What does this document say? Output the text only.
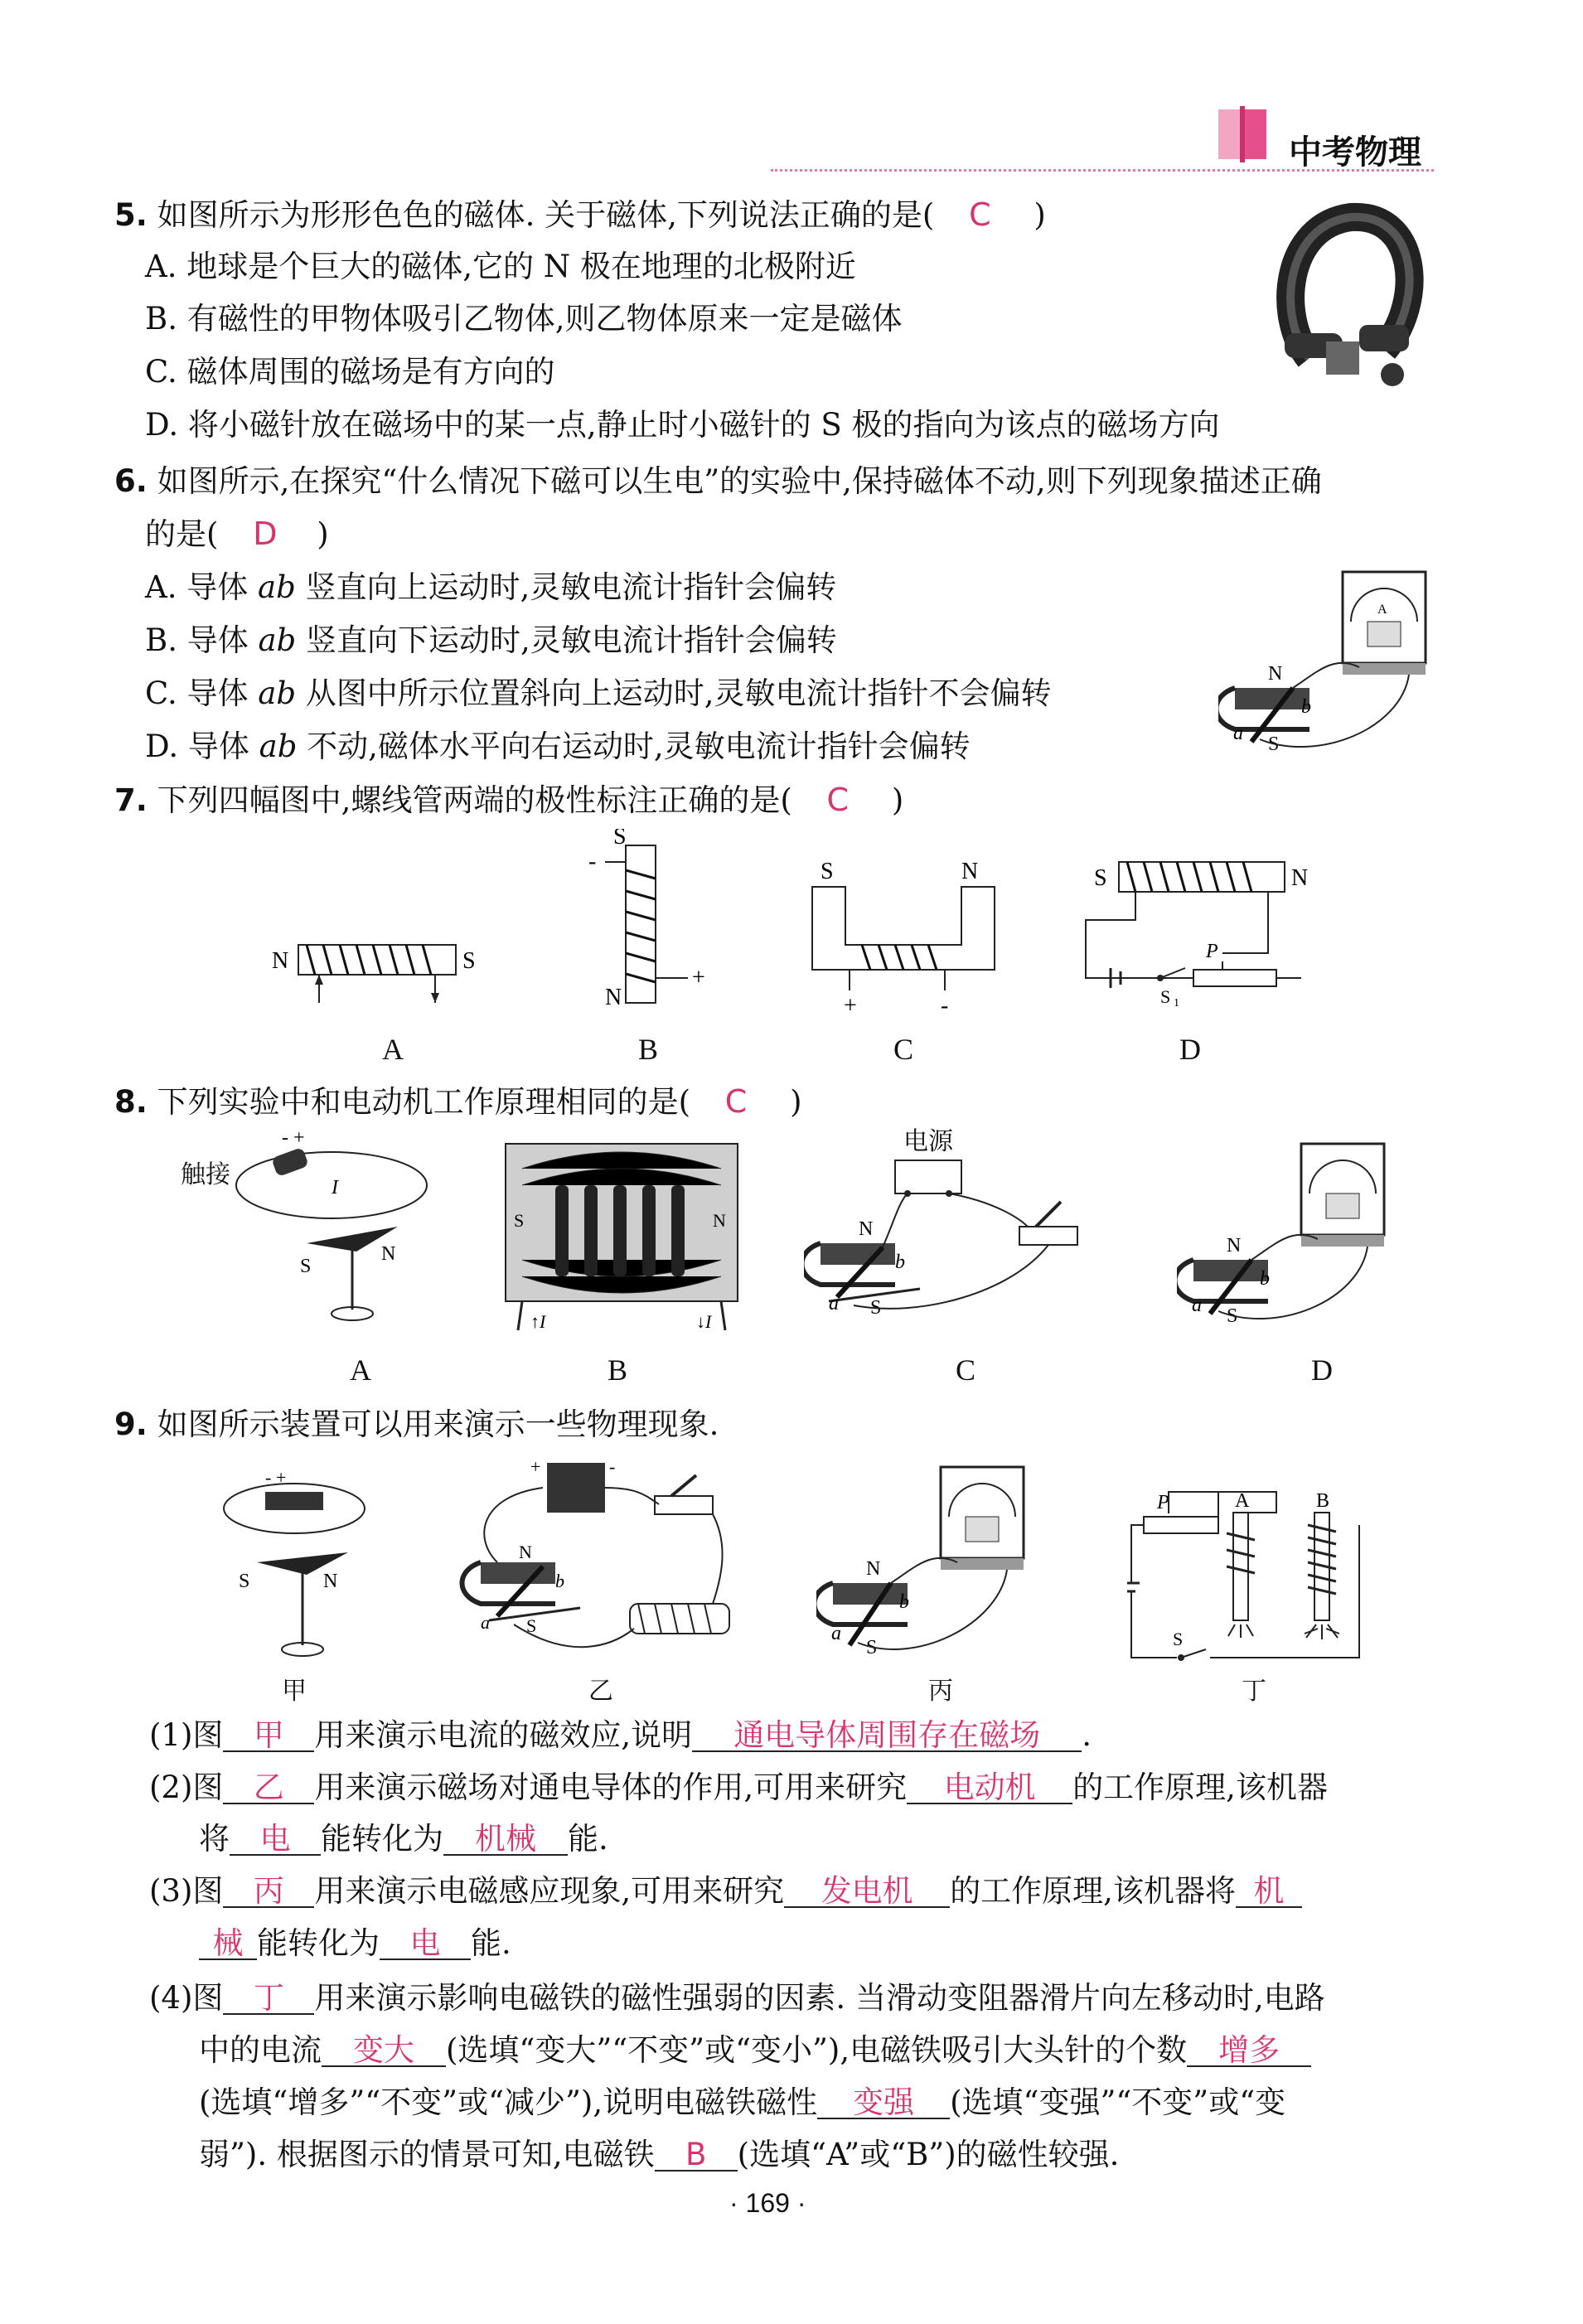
中考物理
5. 如图所示为形形色色的磁体. 关于磁体,下列说法正确的是( C )
A. 地球是个巨大的磁体,它的 N 极在地理的北极附近
B. 有磁性的甲物体吸引乙物体,则乙物体原来一定是磁体
C. 磁体周围的磁场是有方向的
D. 将小磁针放在磁场中的某一点,静止时小磁针的 S 极的指向为该点的磁场方向
6. 如图所示,在探究“什么情况下磁可以生电”的实验中,保持磁体不动,则下列现象描述正确
的是( D )
A. 导体 ab 竖直向上运动时,灵敏电流计指针会偏转
B. 导体 ab 竖直向下运动时,灵敏电流计指针会偏转
C. 导体 ab 从图中所示位置斜向上运动时,灵敏电流计指针不会偏转
D. 导体 ab 不动,磁体水平向右运动时,灵敏电流计指针会偏转
A
N
S
a
b
7. 下列四幅图中,螺线管两端的极性标注正确的是( C )
N	S
-
+
S
N	+	-
S	N	S	N
S 1
P
A	B	C	D
8. 下列实验中和电动机工作原理相同的是( C )
触接
- +
I
S
N
S	N
↑I	↓I
电源
N
S
a
b
N
S
a
b
A	B	C	D
9. 如图所示装置可以用来演示一些物理现象.
- +
S	N
+	-
N
S
a
b
N
S
a
b
P
S
A	B
甲	乙	丙	丁
(1)图 甲 用来演示电流的磁效应,说明 通电导体周围存在磁场 .
(2)图 乙 用来演示磁场对通电导体的作用,可用来研究 电动机 的工作原理,该机器
将 电 能转化为 机械 能.
(3)图 丙 用来演示电磁感应现象,可用来研究 发电机 的工作原理,该机器将 机
械 能转化为 电 能.
(4)图 丁 用来演示影响电磁铁的磁性强弱的因素. 当滑动变阻器滑片向左移动时,电路
中的电流 变大 (选填“变大”“不变”或“变小”),电磁铁吸引大头针的个数 增多
(选填“增多”“不变”或“减少”),说明电磁铁磁性 变强 (选填“变强”“不变”或“变
弱”). 根据图示的情景可知,电磁铁 B (选填“A”或“B”)的磁性较强.
· 169 ·
